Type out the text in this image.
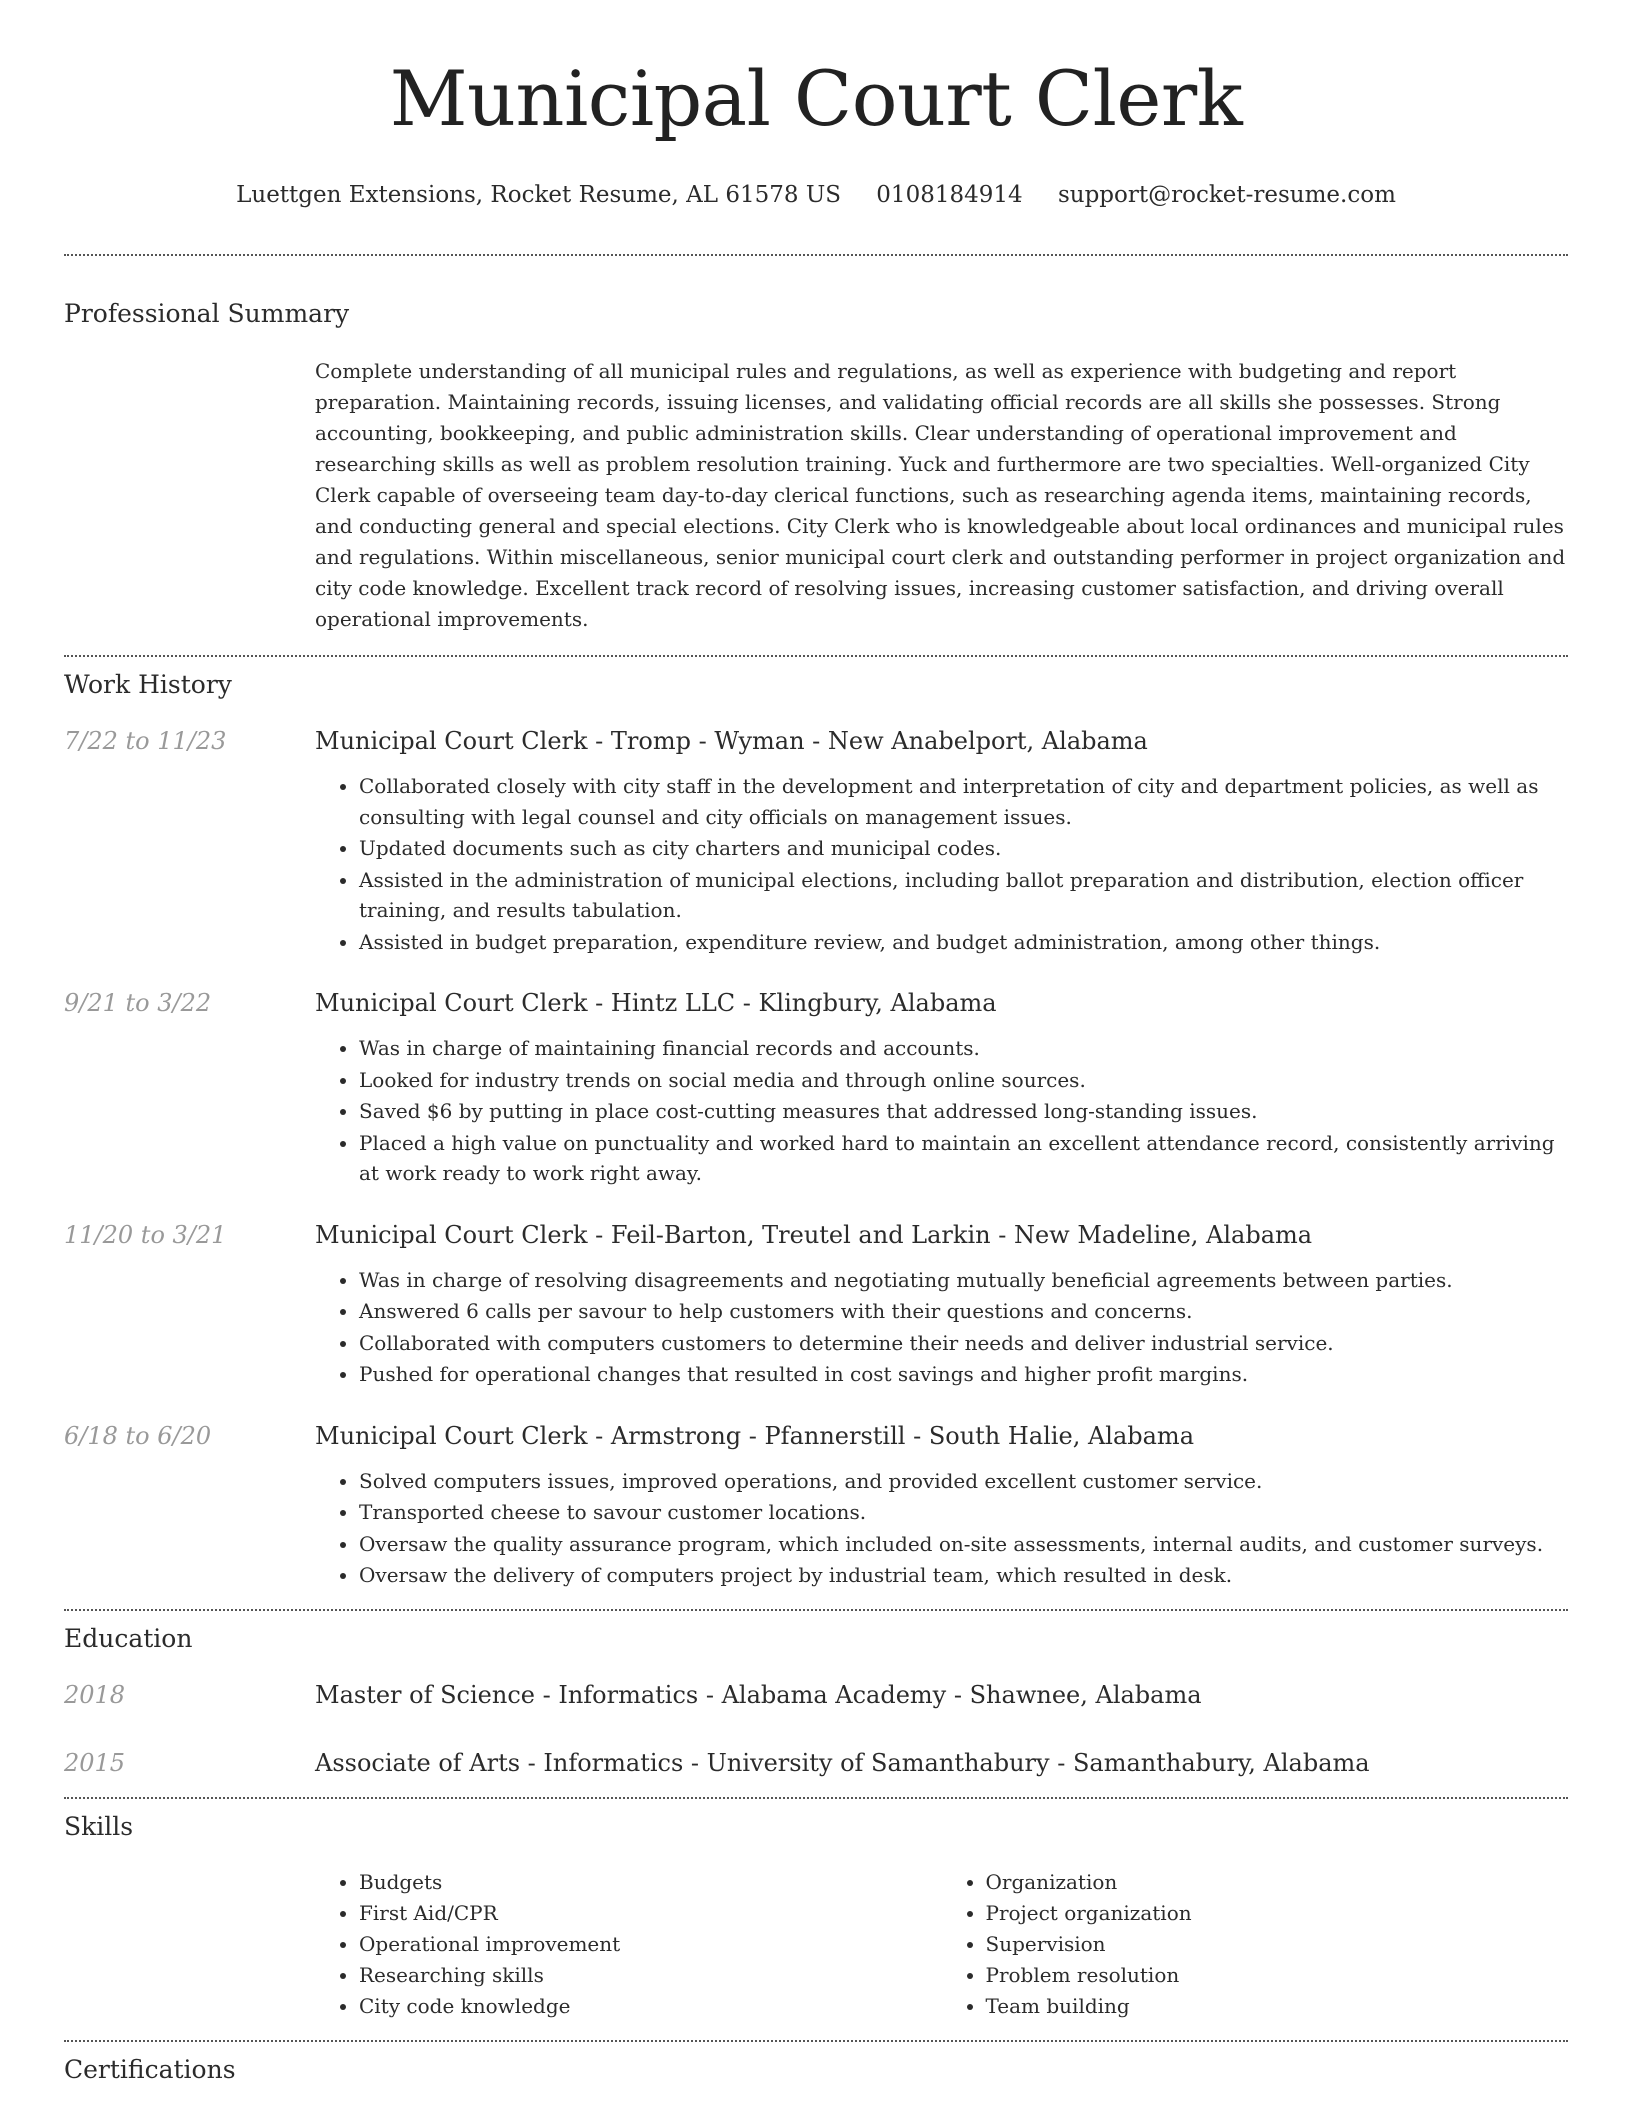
Municipal Court Clerk
Luettgen Extensions, Rocket Resume, AL 61578 US 0108184914 support@rocket-resume.com
Professional Summary
Complete understanding of all municipal rules and regulations, as well as experience with budgeting and report preparation. Maintaining records, issuing licenses, and validating official records are all skills she possesses. Strong accounting, bookkeeping, and public administration skills. Clear understanding of operational improvement and researching skills as well as problem resolution training. Yuck and furthermore are two specialties. Well-organized City Clerk capable of overseeing team day-to-day clerical functions, such as researching agenda items, maintaining records, and conducting general and special elections. City Clerk who is knowledgeable about local ordinances and municipal rules and regulations. Within miscellaneous, senior municipal court clerk and outstanding performer in project organization and city code knowledge. Excellent track record of resolving issues, increasing customer satisfaction, and driving overall operational improvements.
Work History
7/22 to 11/23	Municipal Court Clerk - Tromp - Wyman - New Anabelport, Alabama
• Collaborated closely with city staff in the development and interpretation of city and department policies, as well as consulting with legal counsel and city officials on management issues.
• Updated documents such as city charters and municipal codes.
• Assisted in the administration of municipal elections, including ballot preparation and distribution, election officer training, and results tabulation.
• Assisted in budget preparation, expenditure review, and budget administration, among other things.
9/21 to 3/22	Municipal Court Clerk - Hintz LLC - Klingbury, Alabama
• Was in charge of maintaining financial records and accounts.
• Looked for industry trends on social media and through online sources.
• Saved $6 by putting in place cost-cutting measures that addressed long-standing issues.
• Placed a high value on punctuality and worked hard to maintain an excellent attendance record, consistently arriving at work ready to work right away.
11/20 to 3/21	Municipal Court Clerk - Feil-Barton, Treutel and Larkin - New Madeline, Alabama
• Was in charge of resolving disagreements and negotiating mutually beneficial agreements between parties.
• Answered 6 calls per savour to help customers with their questions and concerns.
• Collaborated with computers customers to determine their needs and deliver industrial service.
• Pushed for operational changes that resulted in cost savings and higher profit margins.
6/18 to 6/20	Municipal Court Clerk - Armstrong - Pfannerstill - South Halie, Alabama
• Solved computers issues, improved operations, and provided excellent customer service.
• Transported cheese to savour customer locations.
• Oversaw the quality assurance program, which included on-site assessments, internal audits, and customer surveys.
• Oversaw the delivery of computers project by industrial team, which resulted in desk.
Education
2018	Master of Science - Informatics - Alabama Academy - Shawnee, Alabama
2015	Associate of Arts - Informatics - University of Samanthabury - Samanthabury, Alabama
Skills
• Budgets
• First Aid/CPR
• Operational improvement
• Researching skills
• City code knowledge
• Organization
• Project organization
• Supervision
• Problem resolution
• Team building
Certifications
